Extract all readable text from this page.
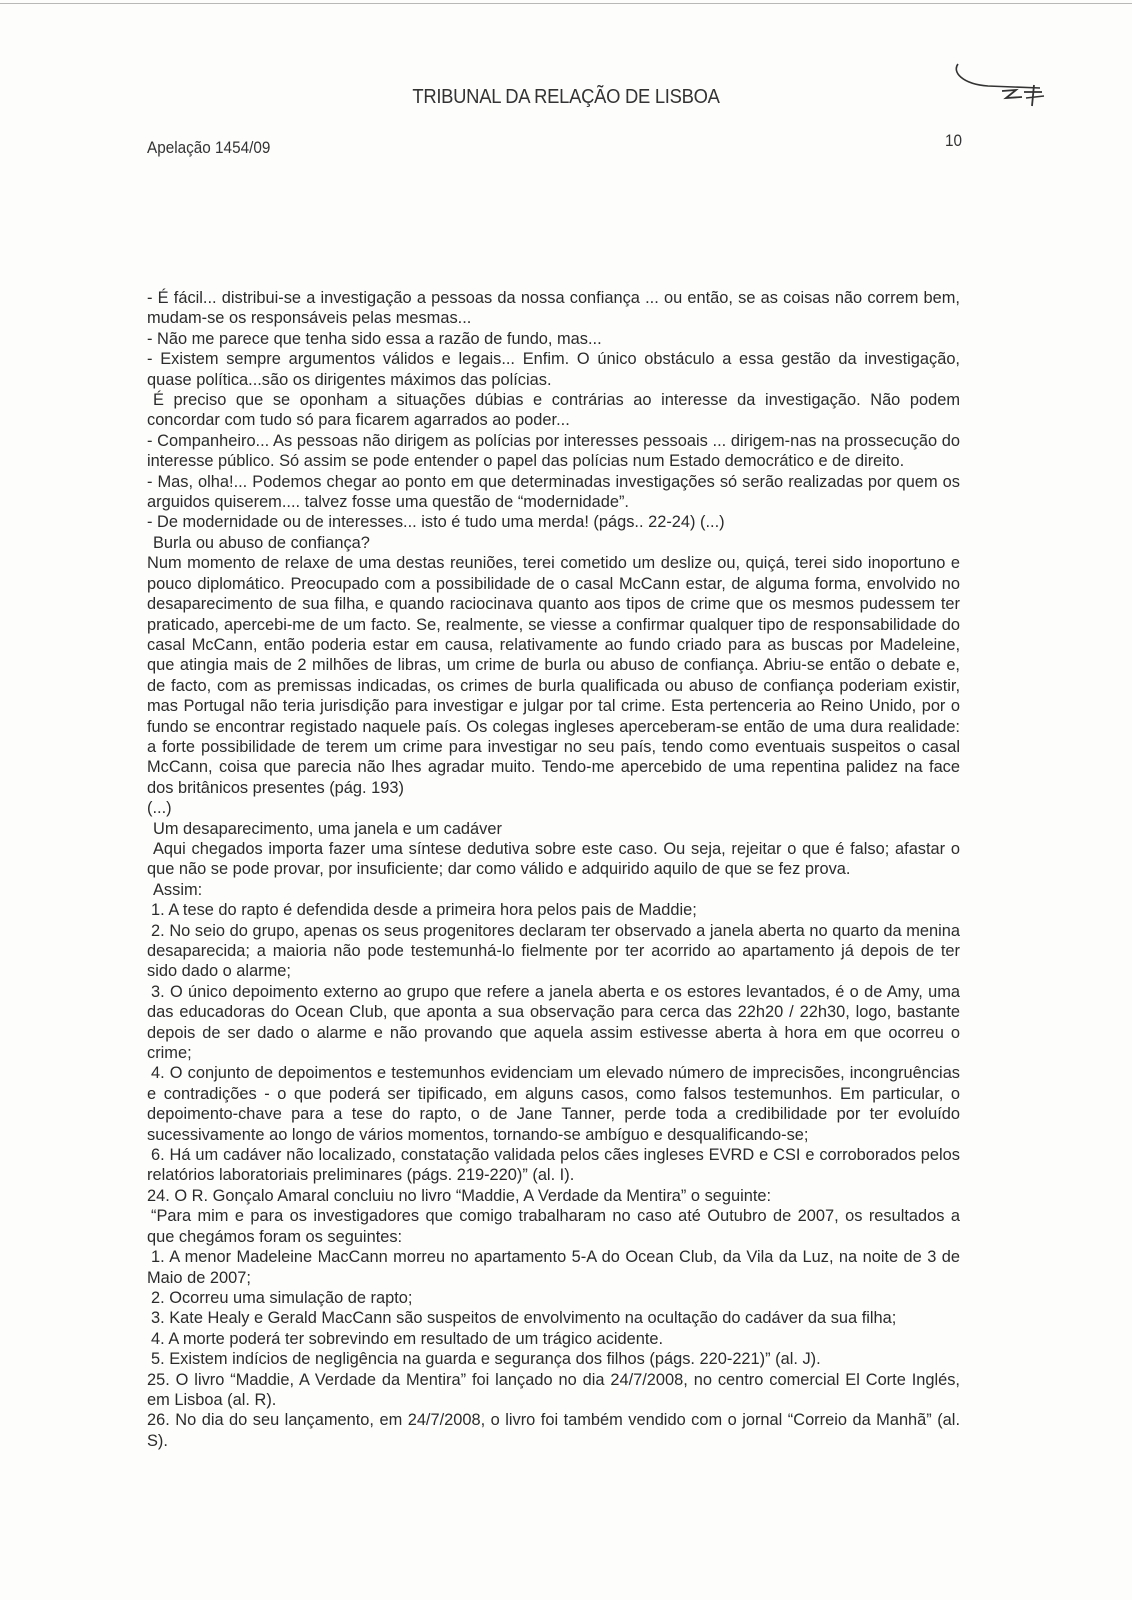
TRIBUNAL DA RELAÇÃO DE LISBOA
Apelação 1454/09	10

- É fácil... distribui-se a investigação a pessoas da nossa confiança ... ou então, se as coisas não correm bem, mudam-se os responsáveis pelas mesmas...

- Não me parece que tenha sido essa a razão de fundo, mas...

- Existem sempre argumentos válidos e legais... Enfim. O único obstáculo a essa gestão da investigação, quase política...são os dirigentes máximos das polícias.

É preciso que se oponham a situações dúbias e contrárias ao interesse da investigação. Não podem concordar com tudo só para ficarem agarrados ao poder...

- Companheiro... As pessoas não dirigem as polícias por interesses pessoais ... dirigem-nas na prossecução do interesse público. Só assim se pode entender o papel das polícias num Estado democrático e de direito.

- Mas, olha!... Podemos chegar ao ponto em que determinadas investigações só serão realizadas por quem os arguidos quiserem.... talvez fosse uma questão de “modernidade”.

- De modernidade ou de interesses... isto é tudo uma merda! (págs.. 22-24) (...)

Burla ou abuso de confiança?

Num momento de relaxe de uma destas reuniões, terei cometido um deslize ou, quiçá, terei sido inoportuno e pouco diplomático. Preocupado com a possibilidade de o casal McCann estar, de alguma forma, envolvido no desaparecimento de sua filha, e quando raciocinava quanto aos tipos de crime que os mesmos pudessem ter praticado, apercebi-me de um facto. Se, realmente, se viesse a confirmar qualquer tipo de responsabilidade do casal McCann, então poderia estar em causa, relativamente ao fundo criado para as buscas por Madeleine, que atingia mais de 2 milhões de libras, um crime de burla ou abuso de confiança. Abriu-se então o debate e, de facto, com as premissas indicadas, os crimes de burla qualificada ou abuso de confiança poderiam existir, mas Portugal não teria jurisdição para investigar e julgar por tal crime. Esta pertenceria ao Reino Unido, por o fundo se encontrar registado naquele país. Os colegas ingleses aperceberam-se então de uma dura realidade: a forte possibilidade de terem um crime para investigar no seu país, tendo como eventuais suspeitos o casal McCann, coisa que parecia não lhes agradar muito. Tendo-me apercebido de uma repentina palidez na face dos britânicos presentes (pág. 193)

(...)

Um desaparecimento, uma janela e um cadáver

Aqui chegados importa fazer uma síntese dedutiva sobre este caso. Ou seja, rejeitar o que é falso; afastar o que não se pode provar, por insuficiente; dar como válido e adquirido aquilo de que se fez prova.

Assim:

1. A tese do rapto é defendida desde a primeira hora pelos pais de Maddie;

2. No seio do grupo, apenas os seus progenitores declaram ter observado a janela aberta no quarto da menina desaparecida; a maioria não pode testemunhá-lo fielmente por ter acorrido ao apartamento já depois de ter sido dado o alarme;

3. O único depoimento externo ao grupo que refere a janela aberta e os estores levantados, é o de Amy, uma das educadoras do Ocean Club, que aponta a sua observação para cerca das 22h20 / 22h30, logo, bastante depois de ser dado o alarme e não provando que aquela assim estivesse aberta à hora em que ocorreu o crime;

4. O conjunto de depoimentos e testemunhos evidenciam um elevado número de imprecisões, incongruências e contradições - o que poderá ser tipificado, em alguns casos, como falsos testemunhos. Em particular, o depoimento-chave para a tese do rapto, o de Jane Tanner, perde toda a credibilidade por ter evoluído sucessivamente ao longo de vários momentos, tornando-se ambíguo e desqualificando-se;

6. Há um cadáver não localizado, constatação validada pelos cães ingleses EVRD e CSI e corroborados pelos relatórios laboratoriais preliminares (págs. 219-220)” (al. I).

24. O R. Gonçalo Amaral concluiu no livro “Maddie, A Verdade da Mentira” o seguinte:

“Para mim e para os investigadores que comigo trabalharam no caso até Outubro de 2007, os resultados a que chegámos foram os seguintes:

1. A menor Madeleine MacCann morreu no apartamento 5-A do Ocean Club, da Vila da Luz, na noite de 3 de Maio de 2007;

2. Ocorreu uma simulação de rapto;

3. Kate Healy e Gerald MacCann são suspeitos de envolvimento na ocultação do cadáver da sua filha;

4. A morte poderá ter sobrevindo em resultado de um trágico acidente.

5. Existem indícios de negligência na guarda e segurança dos filhos (págs. 220-221)” (al. J).

25. O livro “Maddie, A Verdade da Mentira” foi lançado no dia 24/7/2008, no centro comercial El Corte Inglés, em Lisboa (al. R).

26. No dia do seu lançamento, em 24/7/2008, o livro foi também vendido com o jornal “Correio da Manhã” (al. S).
